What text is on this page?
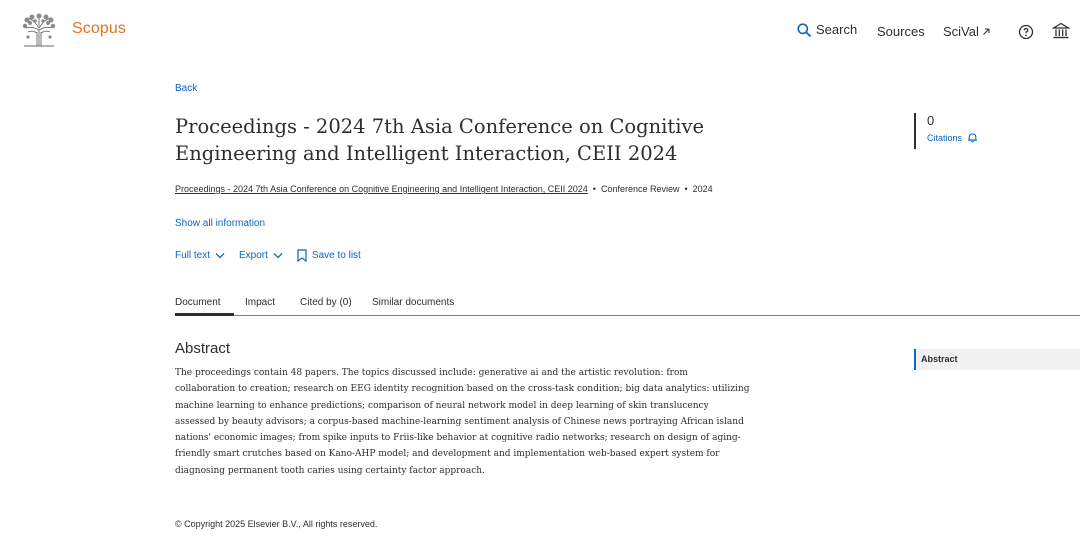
Scopus	Search Sources SciVal
Back
Proceedings - 2024 7th Asia Conference on Cognitive Engineering and Intelligent Interaction, CEII 2024
Proceedings - 2024 7th Asia Conference on Cognitive Engineering and Intelligent Interaction, CEII 2024 • Conference Review • 2024
Show all information
Full text	Export	Save to list
Document	Impact Cited by (0) Similar documents
Abstract

The proceedings contain 48 papers. The topics discussed include: generative ai and the artistic revolution: from collaboration to creation; research on EEG identity recognition based on the cross-task condition; big data analytics: utilizing machine learning to enhance predictions; comparison of neural network model in deep learning of skin translucency assessed by beauty advisors; a corpus-based machine-learning sentiment analysis of Chinese news portraying African island nations' economic images; from spike inputs to Friis-like behavior at cognitive radio networks; research on design of aging-friendly smart crutches based on Kano-AHP model; and development and implementation web-based expert system for diagnosing permanent tooth caries using certainty factor approach.

© Copyright 2025 Elsevier B.V., All rights reserved.
0
Citations
Abstract
